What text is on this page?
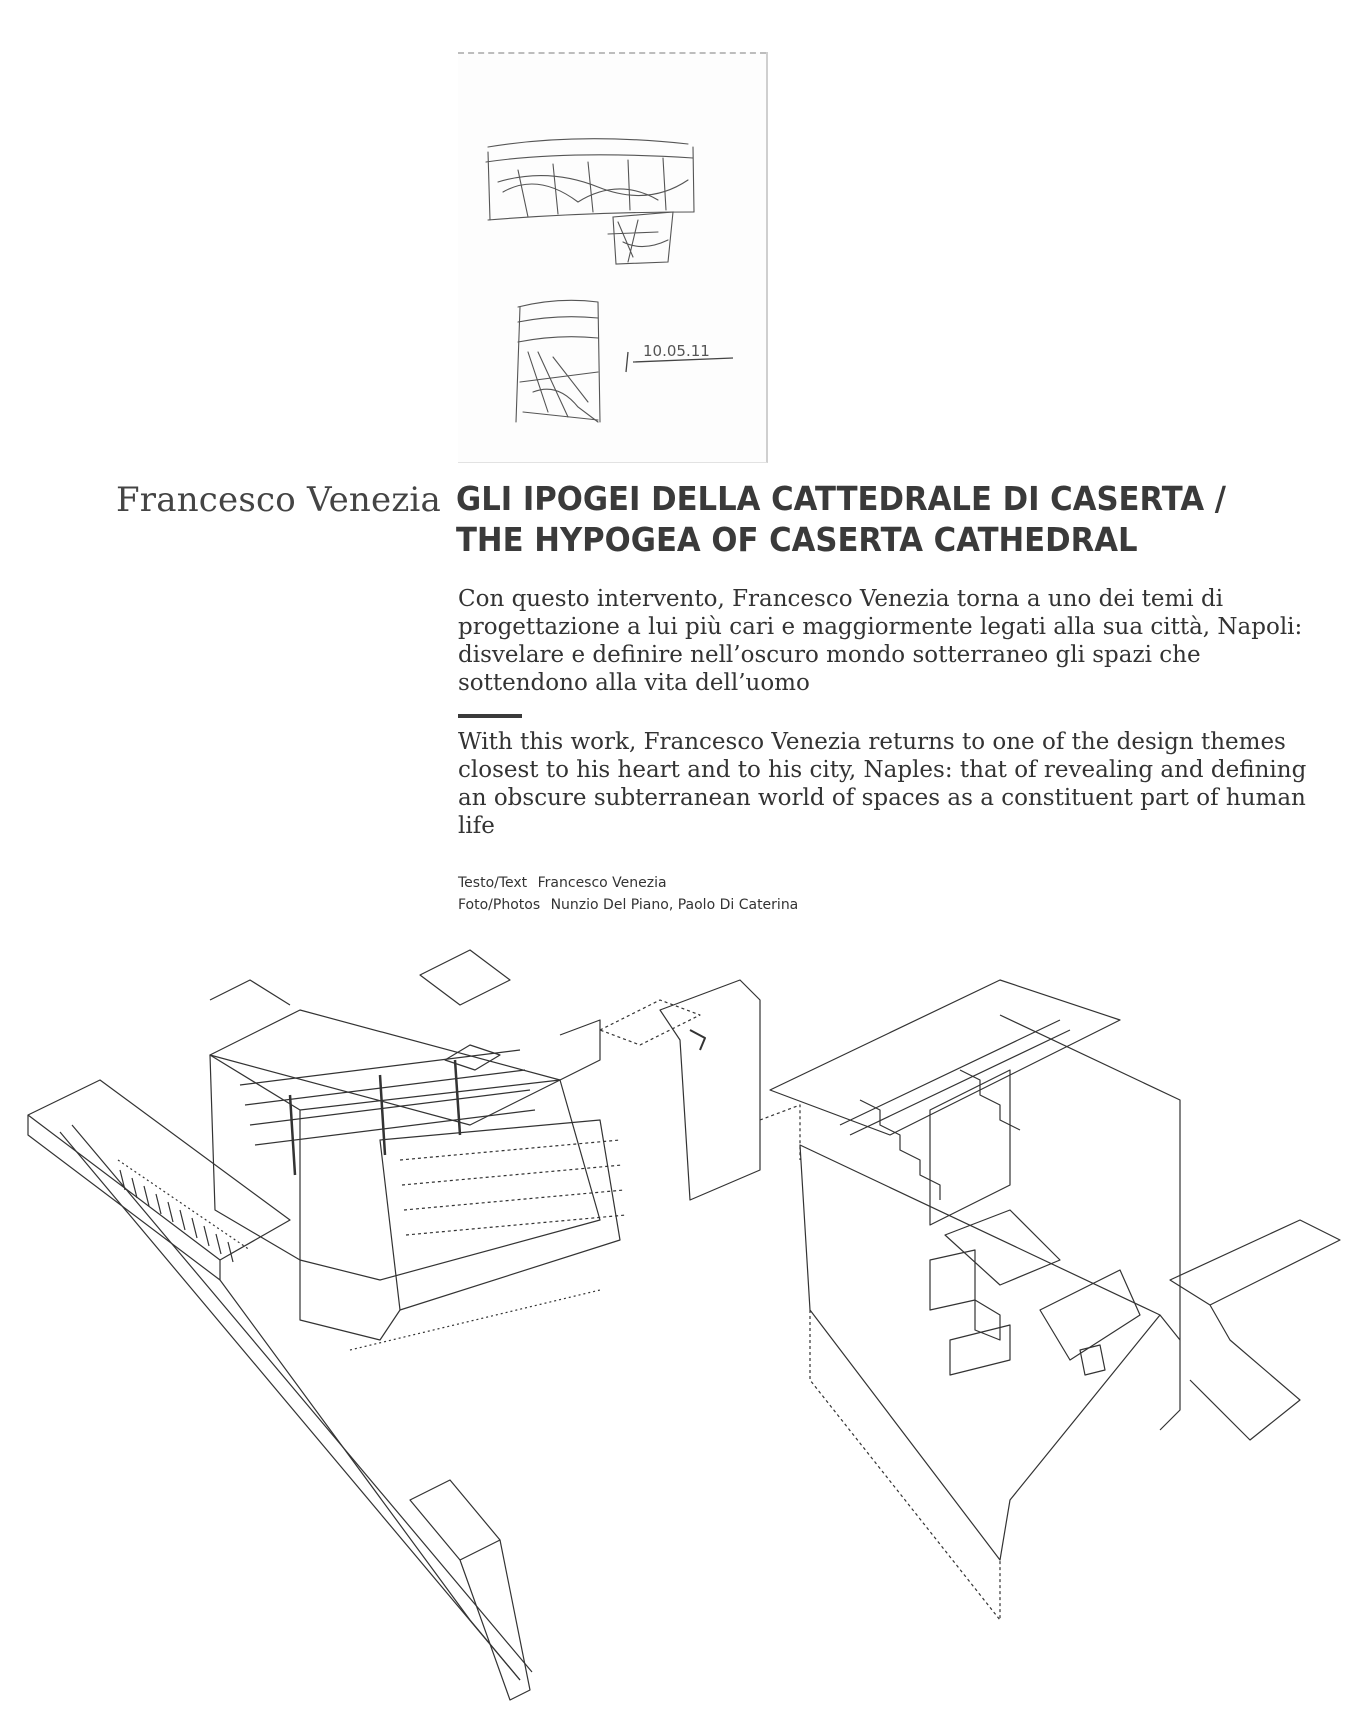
10.05.11
Francesco Venezia GLI IPOGEI DELLA CATTEDRALE DI CASERTA /
THE HYPOGEA OF CASERTA CATHEDRAL
Con questo intervento, Francesco Venezia torna a uno dei temi di progettazione a lui più cari e maggiormente legati alla sua città, Napoli: disvelare e definire nell’oscuro mondo sotterraneo gli spazi che sottendono alla vita dell’uomo
With this work, Francesco Venezia returns to one of the design themes closest to his heart and to his city, Naples: that of revealing and defining an obscure subterranean world of spaces as a constituent part of human life
Testo/Text Francesco Venezia
Foto/Photos Nunzio Del Piano, Paolo Di Caterina
